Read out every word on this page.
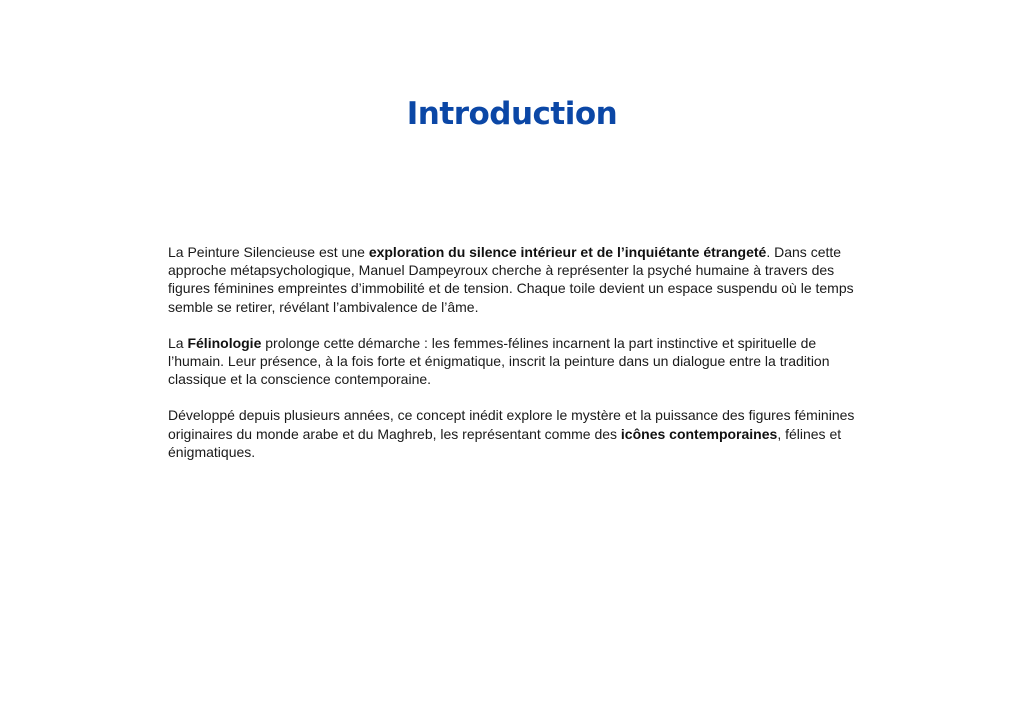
Introduction

La Peinture Silencieuse est une exploration du silence intérieur et de l’inquiétante étrangeté. Dans cette approche métapsychologique, Manuel Dampeyroux cherche à représenter la psyché humaine à travers des figures féminines empreintes d’immobilité et de tension. Chaque toile devient un espace suspendu où le temps semble se retirer, révélant l’ambivalence de l’âme.

La Félinologie prolonge cette démarche : les femmes-félines incarnent la part instinctive et spirituelle de l’humain. Leur présence, à la fois forte et énigmatique, inscrit la peinture dans un dialogue entre la tradition classique et la conscience contemporaine.

Développé depuis plusieurs années, ce concept inédit explore le mystère et la puissance des figures féminines originaires du monde arabe et du Maghreb, les représentant comme des icônes contemporaines, félines et énigmatiques.
